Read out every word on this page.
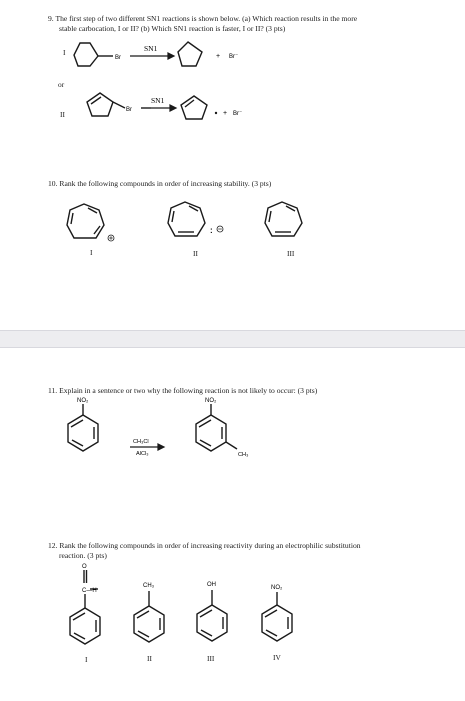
9. The first step of two different SN1 reactions is shown below. (a) Which reaction results in the more
stable carbocation, I or II? (b) Which SN1 reaction is faster, I or II? (3 pts)
I
or
II
Br
SN1
+ Br⁻
Br
SN1
+ Br⁻
:
10. Rank the following compounds in order of increasing stability. (3 pts)
I	II	III
11. Explain in a sentence or two why the following reaction is not likely to occur: (3 pts)
NO₂
CH₃Cl
AlCl₃
NO₂
CH₃
O
C—H
CH₃	OH	NO₂
12. Rank the following compounds in order of increasing reactivity during an electrophilic substitution
reaction. (3 pts)
I	II	III	IV
